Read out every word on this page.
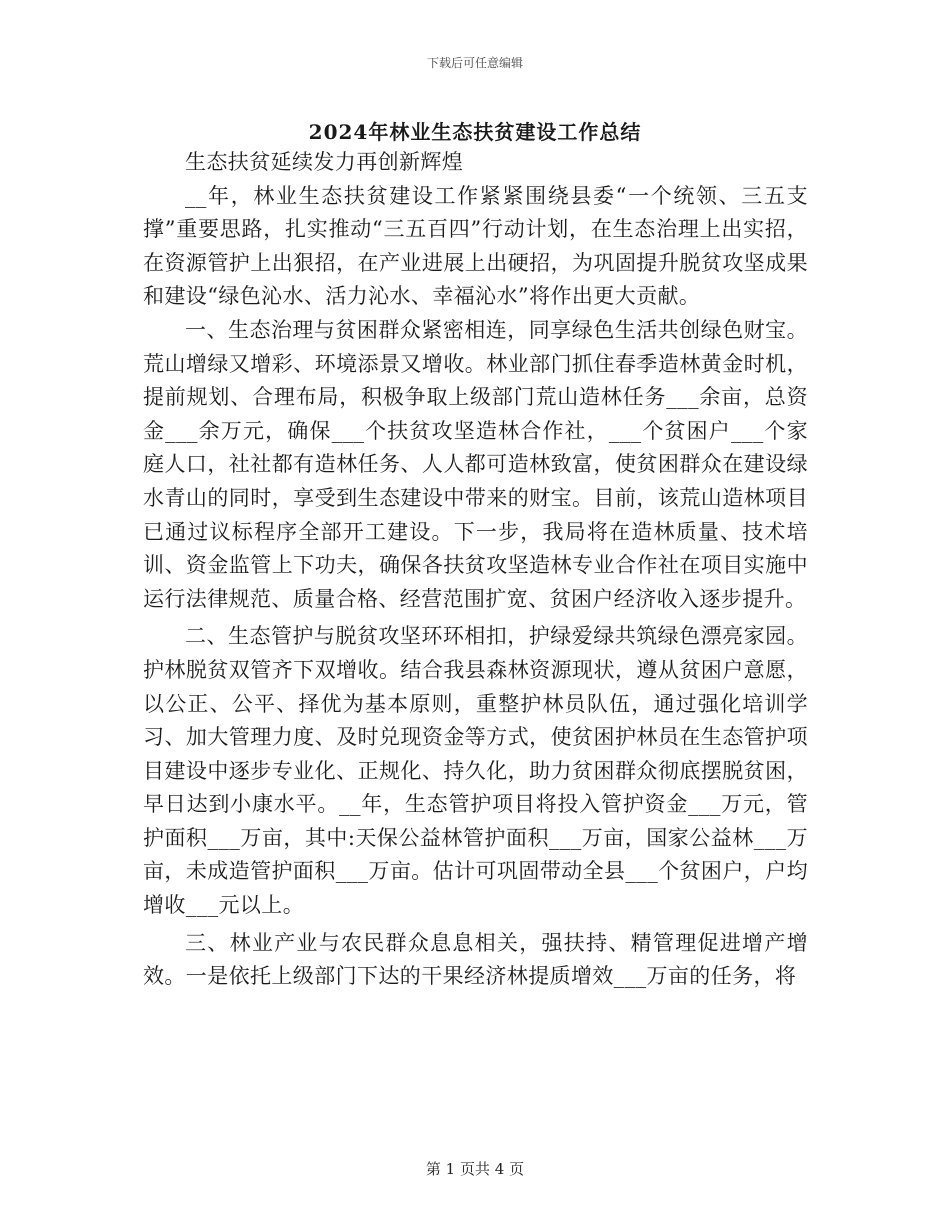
下载后可任意编辑
2024年林业生态扶贫建设工作总结

生态扶贫延续发力再创新辉煌

__年，林业生态扶贫建设工作紧紧围绕县委“一个统领、三五支撑”重要思路，扎实推动“三五百四”行动计划，在生态治理上出实招，在资源管护上出狠招，在产业进展上出硬招，为巩固提升脱贫攻坚成果和建设“绿色沁水、活力沁水、幸福沁水”将作出更大贡献。

一、生态治理与贫困群众紧密相连，同享绿色生活共创绿色财宝。荒山增绿又增彩、环境添景又增收。林业部门抓住春季造林黄金时机，提前规划、合理布局，积极争取上级部门荒山造林任务___余亩，总资金___余万元，确保___个扶贫攻坚造林合作社，___个贫困户___个家庭人口，社社都有造林任务、人人都可造林致富，使贫困群众在建设绿水青山的同时，享受到生态建设中带来的财宝。目前，该荒山造林项目已通过议标程序全部开工建设。下一步，我局将在造林质量、技术培训、资金监管上下功夫，确保各扶贫攻坚造林专业合作社在项目实施中运行法律规范、质量合格、经营范围扩宽、贫困户经济收入逐步提升。

二、生态管护与脱贫攻坚环环相扣，护绿爱绿共筑绿色漂亮家园。护林脱贫双管齐下双增收。结合我县森林资源现状，遵从贫困户意愿，以公正、公平、择优为基本原则，重整护林员队伍，通过强化培训学习、加大管理力度、及时兑现资金等方式，使贫困护林员在生态管护项目建设中逐步专业化、正规化、持久化，助力贫困群众彻底摆脱贫困，早日达到小康水平。__年，生态管护项目将投入管护资金___万元，管护面积___万亩，其中:天保公益林管护面积___万亩，国家公益林___万亩，未成造管护面积___万亩。估计可巩固带动全县___个贫困户，户均增收___元以上。

三、林业产业与农民群众息息相关，强扶持、精管理促进增产增效。一是依托上级部门下达的干果经济林提质增效___万亩的任务，将

第 1 页共 4 页
